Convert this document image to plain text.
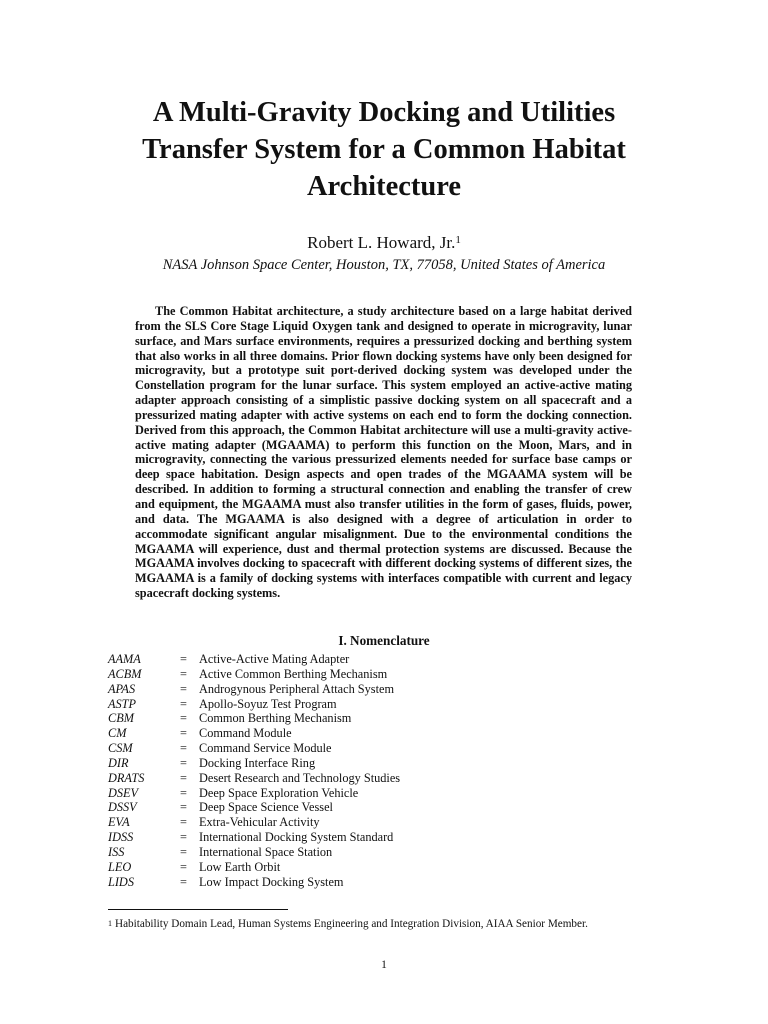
A Multi-Gravity Docking and Utilities
Transfer System for a Common Habitat
Architecture
Robert L. Howard, Jr.$^1$
NASA Johnson Space Center, Houston, TX, 77058, United States of America

The Common Habitat architecture, a study architecture based on a large habitat derived from the SLS Core Stage Liquid Oxygen tank and designed to operate in microgravity, lunar surface, and Mars surface environments, requires a pressurized docking and berthing system that also works in all three domains. Prior flown docking systems have only been designed for microgravity, but a prototype suit port-derived docking system was developed under the Constellation program for the lunar surface. This system employed an active-active mating adapter approach consisting of a simplistic passive docking system on all spacecraft and a pressurized mating adapter with active systems on each end to form the docking connection. Derived from this approach, the Common Habitat architecture will use a multi-gravity active-active mating adapter (MGAAMA) to perform this function on the Moon, Mars, and in microgravity, connecting the various pressurized elements needed for surface base camps or deep space habitation. Design aspects and open trades of the MGAAMA system will be described. In addition to forming a structural connection and enabling the transfer of crew and equipment, the MGAAMA must also transfer utilities in the form of gases, fluids, power, and data. The MGAAMA is also designed with a degree of articulation in order to accommodate significant angular misalignment. Due to the environmental conditions the MGAAMA will experience, dust and thermal protection systems are discussed. Because the MGAAMA involves docking to spacecraft with different docking systems of different sizes, the MGAAMA is a family of docking systems with interfaces compatible with current and legacy spacecraft docking systems.

I. Nomenclature
AAMA	= Active-Active Mating Adapter
ACBM	= Active Common Berthing Mechanism
APAS	= Androgynous Peripheral Attach System
ASTP	= Apollo-Soyuz Test Program
CBM	= Common Berthing Mechanism
CM	= Command Module
CSM	= Command Service Module
DIR	= Docking Interface Ring
DRATS	= Desert Research and Technology Studies
DSEV	= Deep Space Exploration Vehicle
DSSV	= Deep Space Science Vessel
EVA	= Extra-Vehicular Activity
IDSS	= International Docking System Standard
ISS	= International Space Station
LEO	= Low Earth Orbit
LIDS	= Low Impact Docking System
$^1$ Habitability Domain Lead, Human Systems Engineering and Integration Division, AIAA Senior Member.
1
